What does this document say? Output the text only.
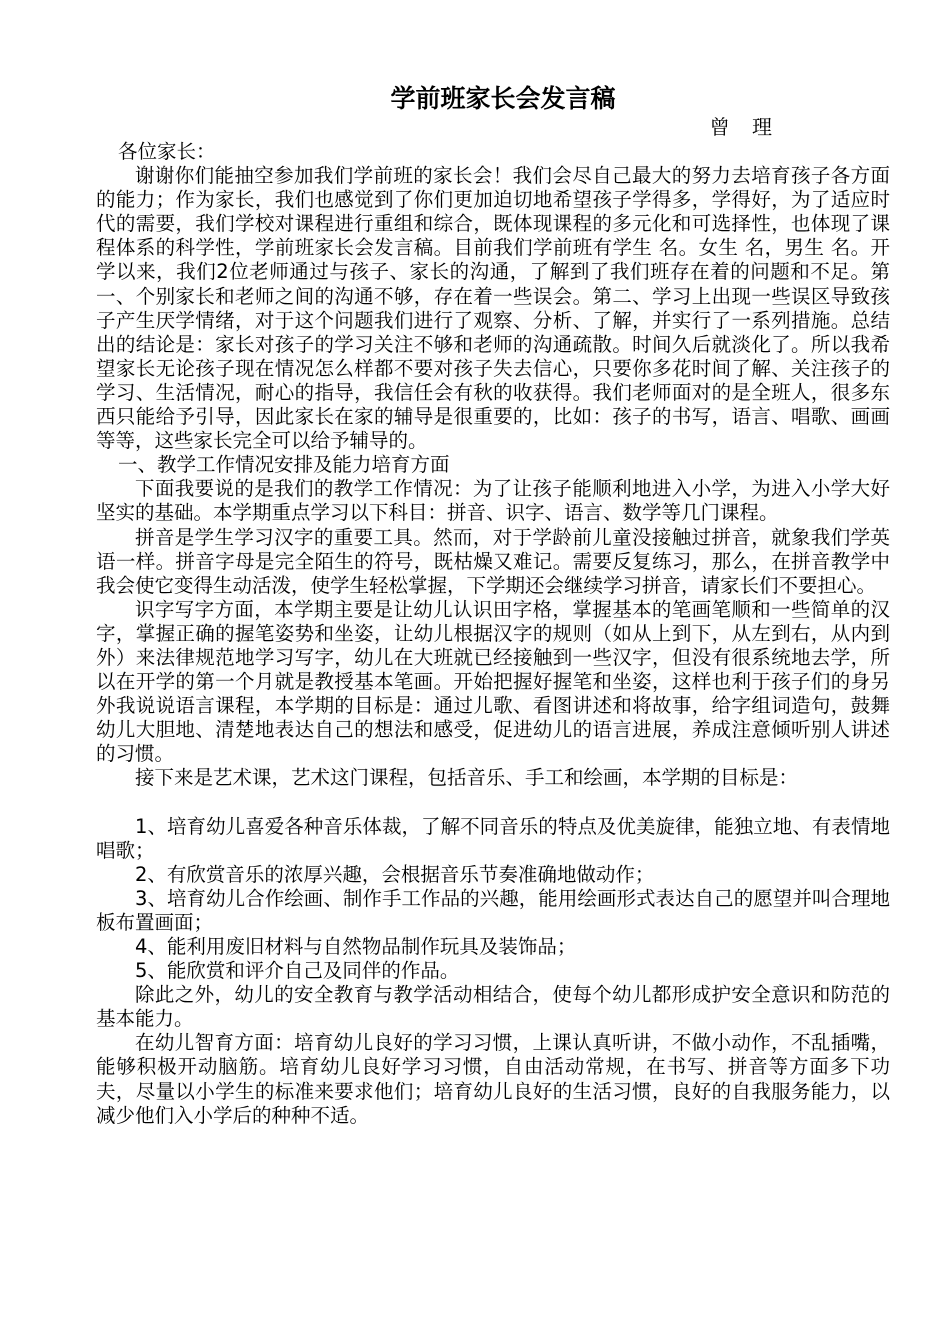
学前班家长会发言稿
曾 理

各位家长：

谢谢你们能抽空参加我们学前班的家长会！我们会尽自己最大的努力去培育孩子各方面的能力；作为家长，我们也感觉到了你们更加迫切地希望孩子学得多，学得好，为了适应时代的需要，我们学校对课程进行重组和综合，既体现课程的多元化和可选择性，也体现了课程体系的科学性，学前班家长会发言稿。目前我们学前班有学生 名。女生 名，男生 名。开学以来，我们2位老师通过与孩子、家长的沟通，了解到了我们班存在着的问题和不足。第一、个别家长和老师之间的沟通不够，存在着一些误会。第二、学习上出现一些误区导致孩子产生厌学情绪，对于这个问题我们进行了观察、分析、了解，并实行了一系列措施。总结出的结论是：家长对孩子的学习关注不够和老师的沟通疏散。时间久后就淡化了。所以我希望家长无论孩子现在情况怎么样都不要对孩子失去信心，只要你多花时间了解、关注孩子的学习、生活情况，耐心的指导，我信任会有秋的收获得。我们老师面对的是全班人，很多东西只能给予引导，因此家长在家的辅导是很重要的，比如：孩子的书写，语言、唱歌、画画等等，这些家长完全可以给予辅导的。

一、教学工作情况安排及能力培育方面

下面我要说的是我们的教学工作情况：为了让孩子能顺利地进入小学，为进入小学大好坚实的基础。本学期重点学习以下科目：拼音、识字、语言、数学等几门课程。

拼音是学生学习汉字的重要工具。然而，对于学龄前儿童没接触过拼音，就象我们学英语一样。拼音字母是完全陌生的符号，既枯燥又难记。需要反复练习，那么，在拼音教学中我会使它变得生动活泼，使学生轻松掌握，下学期还会继续学习拼音，请家长们不要担心。

识字写字方面，本学期主要是让幼儿认识田字格，掌握基本的笔画笔顺和一些简单的汉字，掌握正确的握笔姿势和坐姿，让幼儿根据汉字的规则（如从上到下，从左到右，从内到外）来法律规范地学习写字，幼儿在大班就已经接触到一些汉字，但没有很系统地去学，所以在开学的第一个月就是教授基本笔画。开始把握好握笔和坐姿，这样也利于孩子们的身另外我说说语言课程，本学期的目标是：通过儿歌、看图讲述和将故事，给字组词造句，鼓舞幼儿大胆地、清楚地表达自己的想法和感受，促进幼儿的语言进展，养成注意倾听别人讲述的习惯。

接下来是艺术课，艺术这门课程，包括音乐、手工和绘画，本学期的目标是：

1、培育幼儿喜爱各种音乐体裁，了解不同音乐的特点及优美旋律，能独立地、有表情地唱歌；

2、有欣赏音乐的浓厚兴趣，会根据音乐节奏准确地做动作；

3、培育幼儿合作绘画、制作手工作品的兴趣，能用绘画形式表达自己的愿望并叫合理地板布置画面；

4、能利用废旧材料与自然物品制作玩具及装饰品；

5、能欣赏和评介自己及同伴的作品。

除此之外，幼儿的安全教育与教学活动相结合，使每个幼儿都形成护安全意识和防范的基本能力。

在幼儿智育方面：培育幼儿良好的学习习惯，上课认真听讲，不做小动作，不乱插嘴，能够积极开动脑筋。培育幼儿良好学习习惯，自由活动常规，在书写、拼音等方面多下功夫，尽量以小学生的标准来要求他们；培育幼儿良好的生活习惯，良好的自我服务能力，以减少他们入小学后的种种不适。
